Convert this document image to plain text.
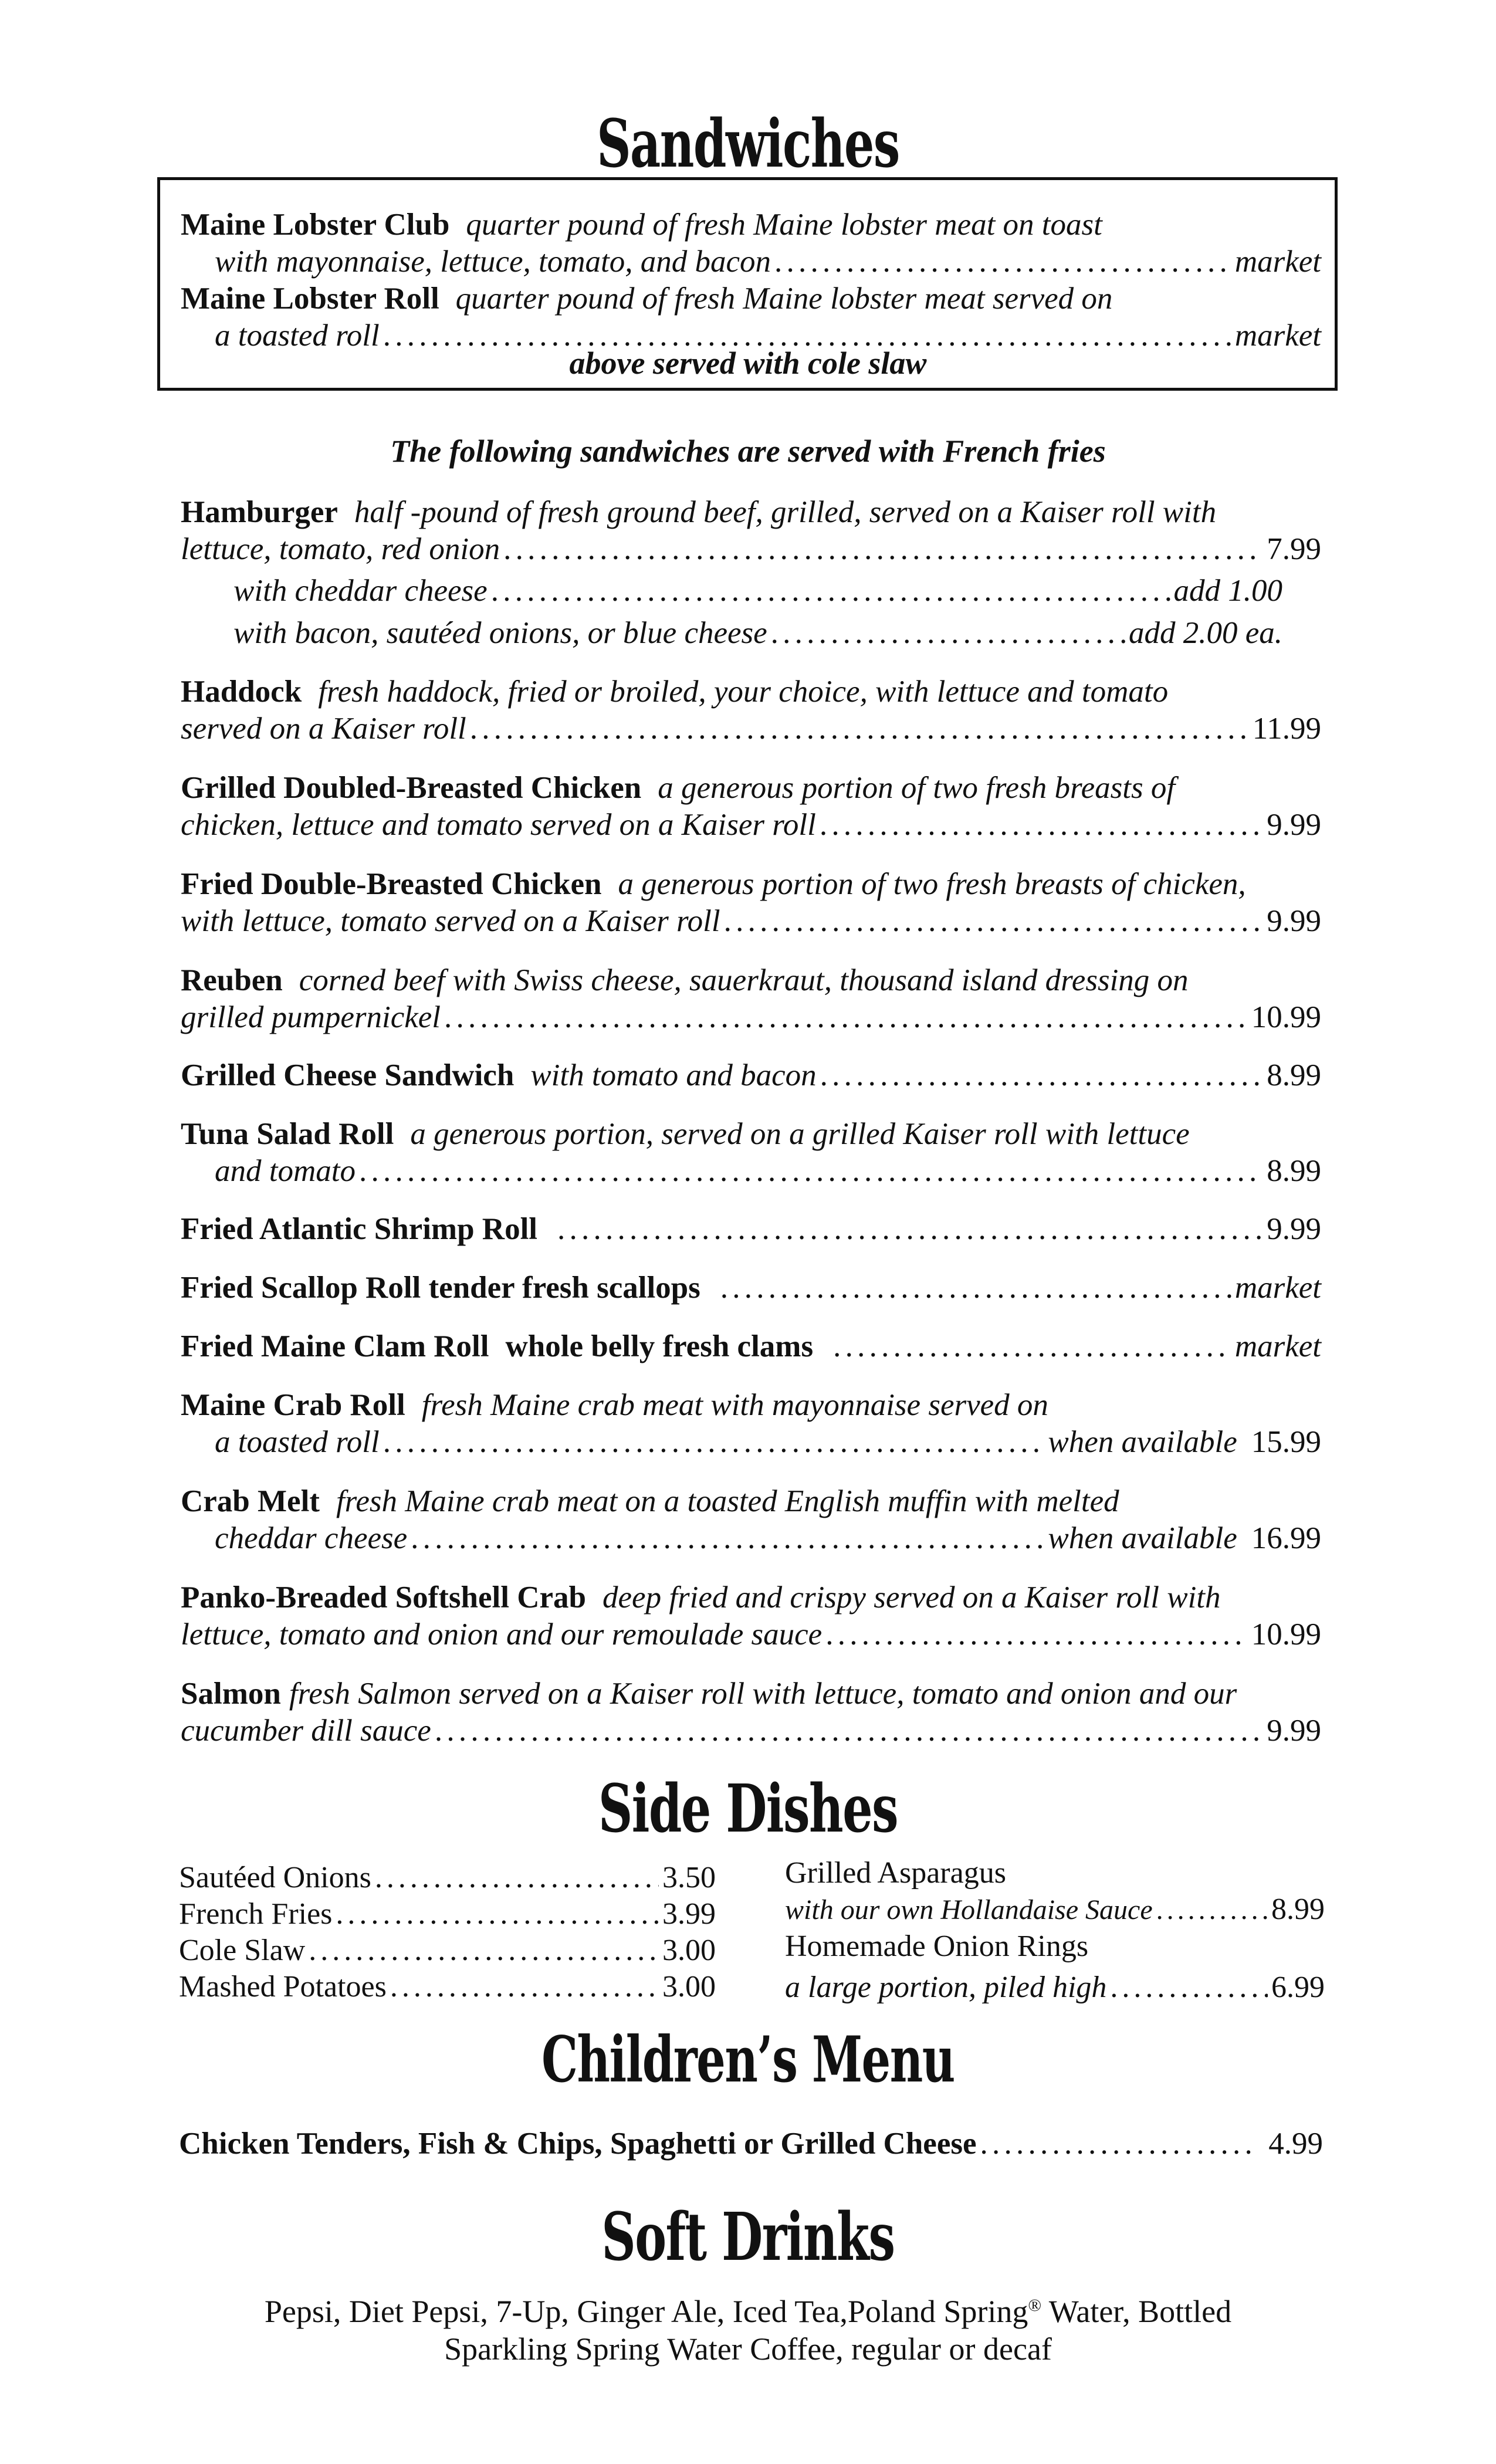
Sandwiches
Maine Lobster Club quarter pound of fresh Maine lobster meat on toast
with mayonnaise, lettuce, tomato, and bacon . . .	market
Maine Lobster Roll quarter pound of fresh Maine lobster meat served on
a toasted roll . . .	market
above served with cole slaw
The following sandwiches are served with French fries
Hamburger half -pound of fresh ground beef, grilled, served on a Kaiser roll with
lettuce, tomato, red onion . . .	7.99
with cheddar cheese . . .	add 1.00
with bacon, sautéed onions, or blue cheese . . .	add 2.00 ea.
Haddock fresh haddock, fried or broiled, your choice, with lettuce and tomato
served on a Kaiser roll . . .	11.99
Grilled Doubled-Breasted Chicken a generous portion of two fresh breasts of
chicken, lettuce and tomato served on a Kaiser roll . . .	9.99
Fried Double-Breasted Chicken a generous portion of two fresh breasts of chicken,
with lettuce, tomato served on a Kaiser roll . . .	9.99
Reuben corned beef with Swiss cheese, sauerkraut, thousand island dressing on
grilled pumpernickel . . .	10.99
Grilled Cheese Sandwich with tomato and bacon . . .	8.99
Tuna Salad Roll a generous portion, served on a grilled Kaiser roll with lettuce
and tomato . . .	8.99
Fried Atlantic Shrimp Roll . . .	9.99
Fried Scallop Roll tender fresh scallops . . .	market
Fried Maine Clam Roll whole belly fresh clams . . .	market
Maine Crab Roll fresh Maine crab meat with mayonnaise served on
a toasted roll . . .	when available 15.99
Crab Melt fresh Maine crab meat on a toasted English muffin with melted
cheddar cheese . . .	when available 16.99
Panko-Breaded Softshell Crab deep fried and crispy served on a Kaiser roll with
lettuce, tomato and onion and our remoulade sauce . . .	10.99
Salmon fresh Salmon served on a Kaiser roll with lettuce, tomato and onion and our
cucumber dill sauce . . .	9.99
Side Dishes
Sautéed Onions . . .	3.50
French Fries . . .	3.99
Cole Slaw . . .	3.00
Mashed Potatoes . . .	3.00
Grilled Asparagus
with our own Hollandaise Sauce . . .	8.99
Homemade Onion Rings
a large portion, piled high . . .	6.99
Children’s Menu
Chicken Tenders, Fish & Chips, Spaghetti or Grilled Cheese . . .	4.99
Soft Drinks
Pepsi, Diet Pepsi, 7-Up, Ginger Ale, Iced Tea,Poland Spring® Water, Bottled
Sparkling Spring Water Coffee, regular or decaf
